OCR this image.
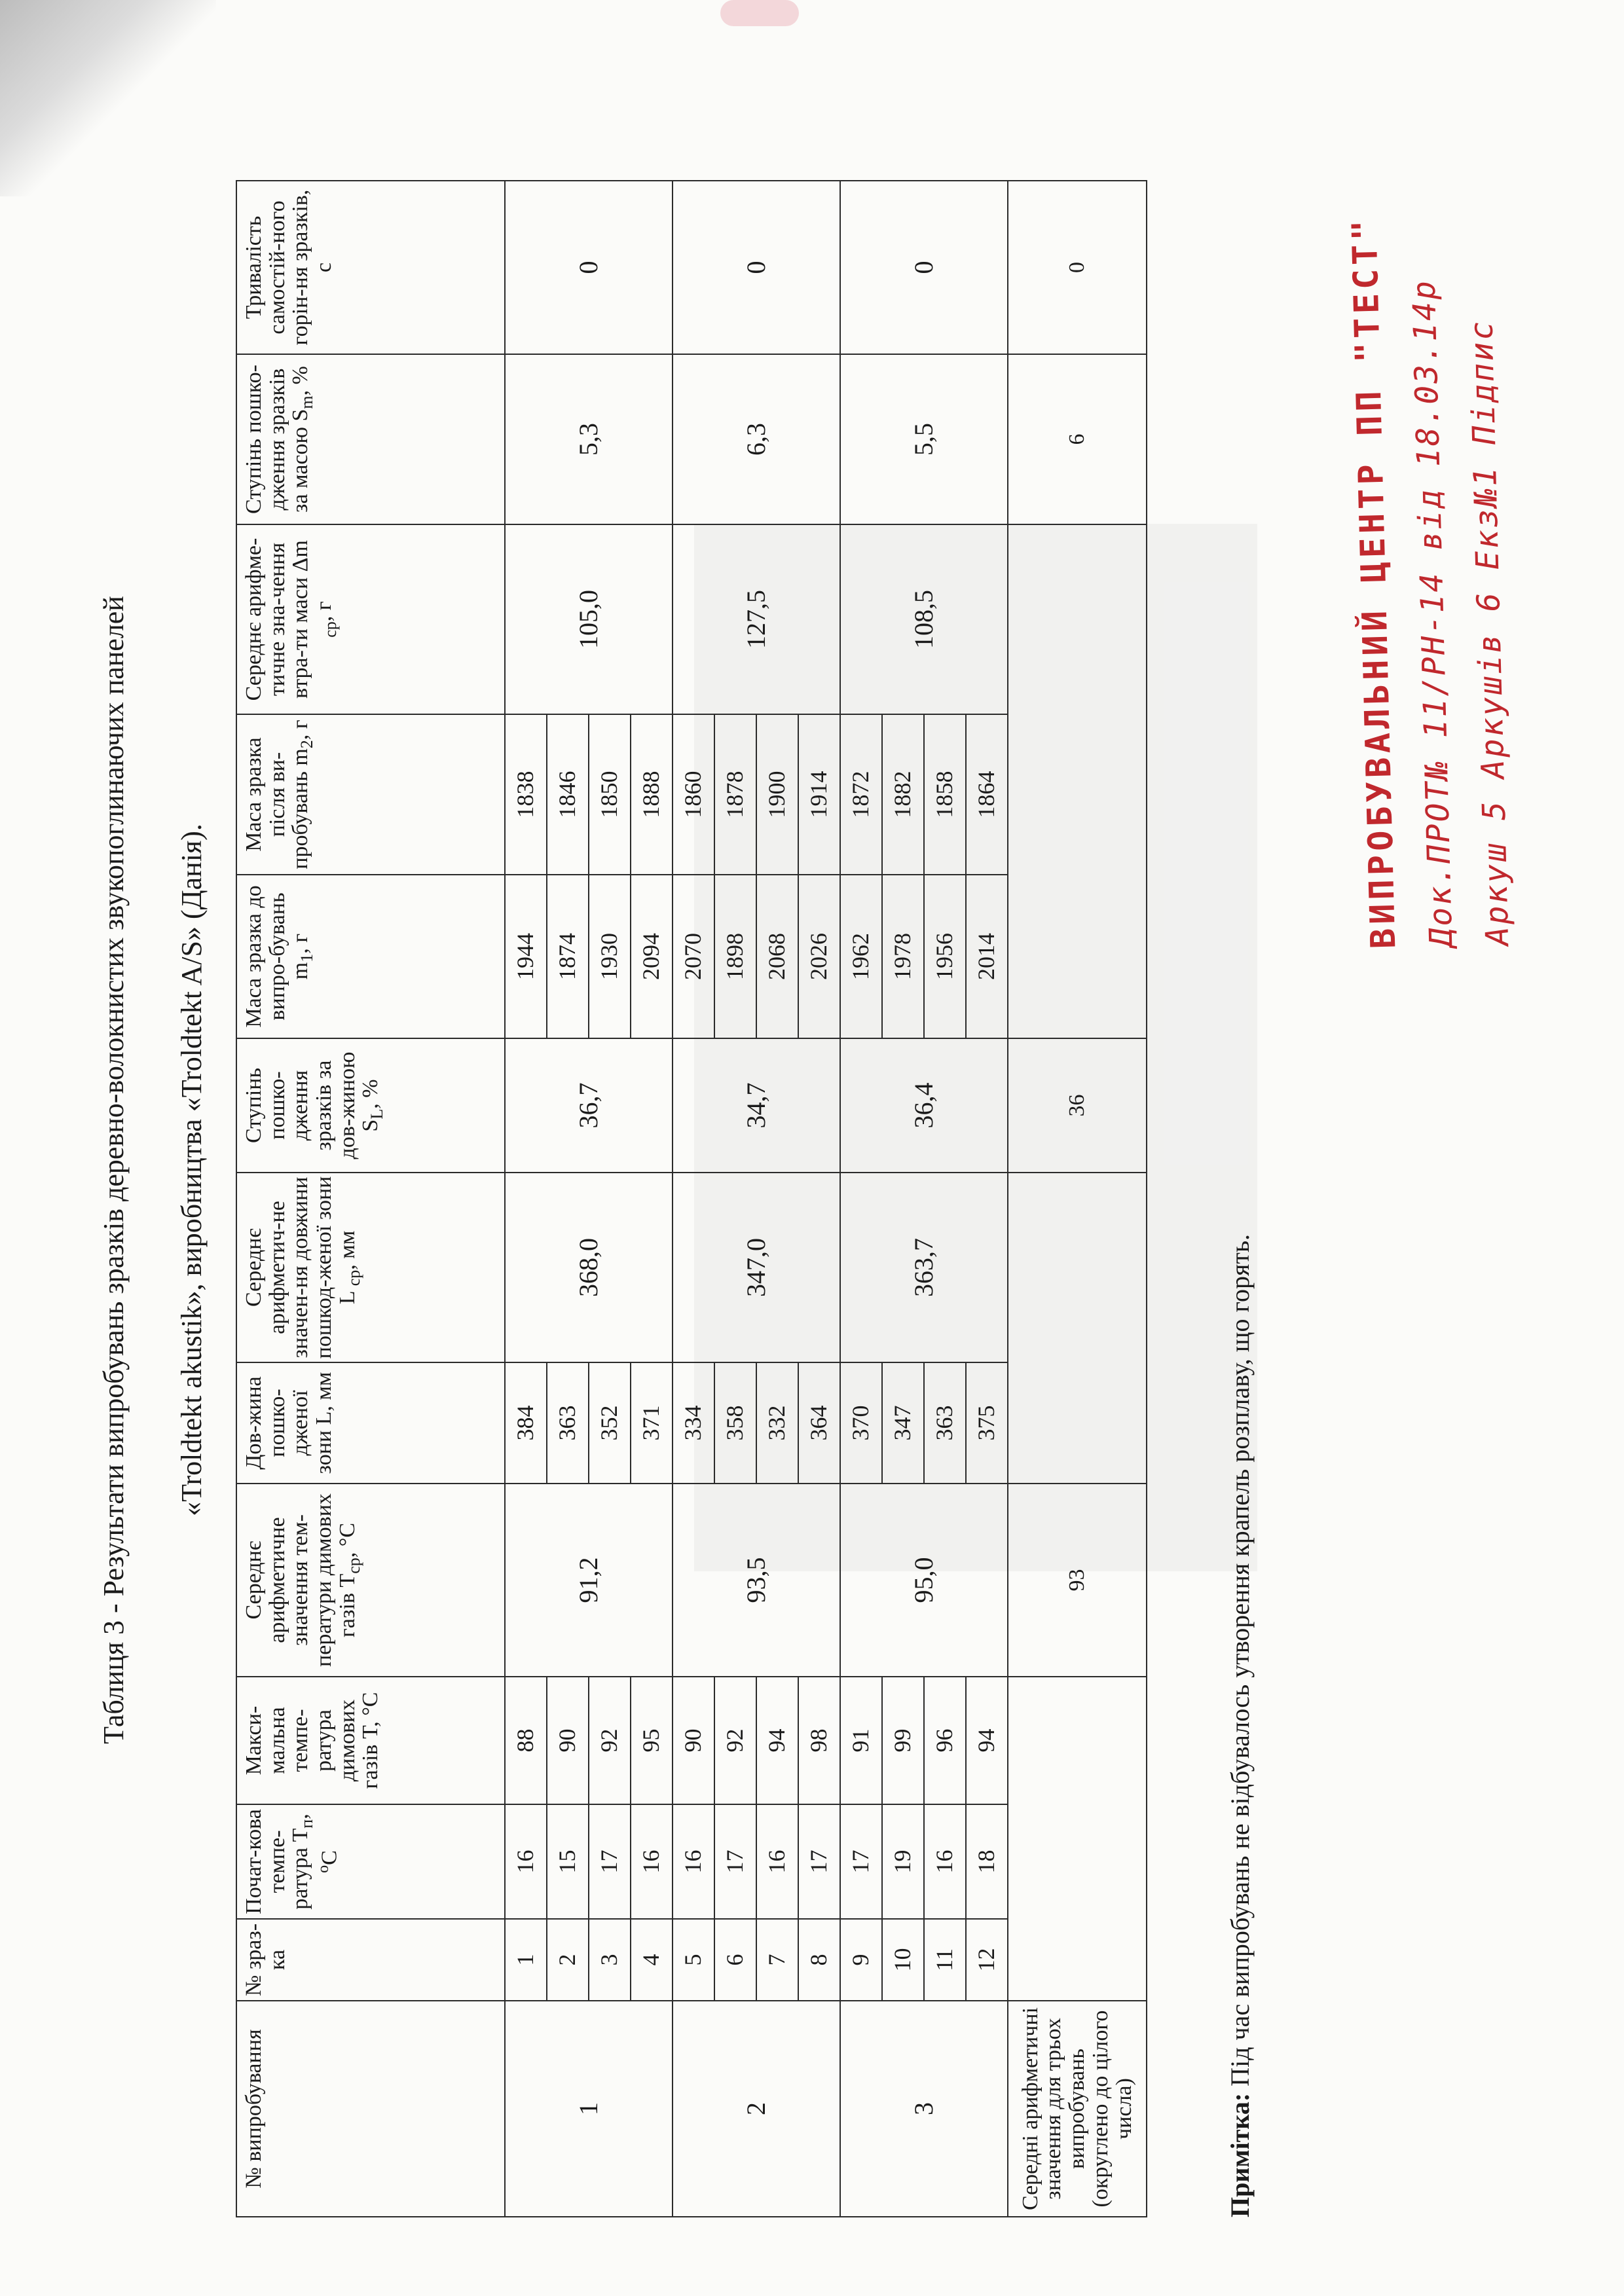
Таблиця 3 - Результати випробувань зразків деревно-волокнистих звукопоглинаючих панелей «Troldtekt akustik», виробництва «Troldtekt A/S» (Данія).
№ випробування	№ зраз-ка	Почат-кова темпе-ратура $T_п$, $^o$C	Макси-мальна темпе-ратура димових газів T, °C	Середнє арифметичне значення тем-ператури димових газів $T_{ср}$, °C	Дов-жина пошко-дженої зони L, мм	Середнє арифметич-не значен-ня довжини пошкод-женої зони L $_{ср}$, мм	Ступінь пошко-дження зразків за дов-жиною $S_L$, %	Маса зразка до випро-бувань $m_1$, г	Маса зразка після ви-пробувань $m_2$, г	Середнє арифме-тичне зна-чення втра-ти маси Δm $_{ср}$, г	Ступінь пошко-дження зразків за масою $S_m$, %	Тривалість самостій-ного горін-ня зразків, с
1	1	16	88	91,2	384	368,0	36,7	1944	1838	105,0	5,3	0
	2	15	90		363			1874	1846			
	3	17	92		352			1930	1850			
	4	16	95		371			2094	1888			
2	5	16	90	93,5	334	347,0	34,7	2070	1860	127,5	6,3	0
	6	17	92		358			1898	1878			
	7	16	94		332			2068	1900			
	8	17	98		364			2026	1914			
3	9	17	91	95,0	370	363,7	36,4	1962	1872	108,5	5,5	0
	10	19	99		347			1978	1882			
	11	16	96		363			1956	1858			
	12	18	94		375			2014	1864			
Середні арифметичні значення для трьох випробувань (округлено до цілого числа)				93			36				6	0
Примітка: Під час випробувань не відбувалось утворення крапель розплаву, що горять.
ВИПРОБУВАЛЬНИЙ ЦЕНТР ПП "ТЕСТ" Док.ПРОТ№ 11/РН-14 від 18.03.14р Аркуш 5 Аркушів 6 Екз№1 Підпис
